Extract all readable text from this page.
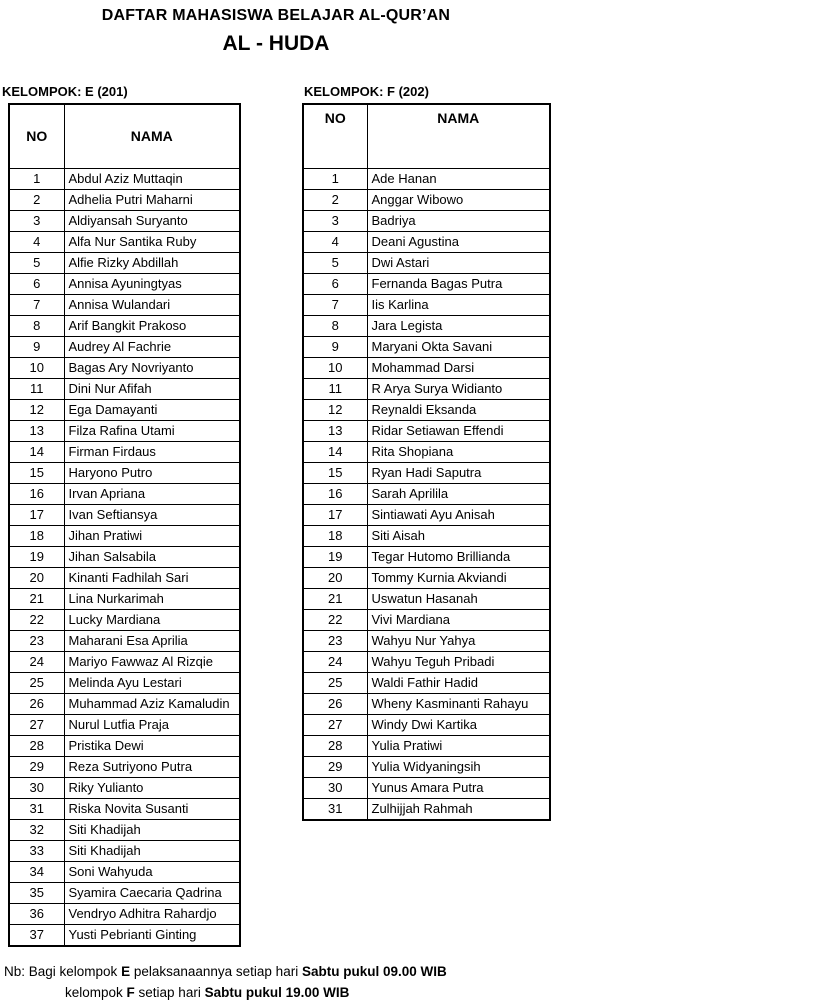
DAFTAR MAHASISWA BELAJAR AL-QUR’AN
AL - HUDA
KELOMPOK: E (201)	KELOMPOK: F (202)
NO	NAMA
1	Abdul Aziz Muttaqin
2	Adhelia Putri Maharni
3	Aldiyansah Suryanto
4	Alfa Nur Santika Ruby
5	Alfie Rizky Abdillah
6	Annisa Ayuningtyas
7	Annisa Wulandari
8	Arif Bangkit Prakoso
9	Audrey Al Fachrie
10	Bagas Ary Novriyanto
11	Dini Nur Afifah
12	Ega Damayanti
13	Filza Rafina Utami
14	Firman Firdaus
15	Haryono Putro
16	Irvan Apriana
17	Ivan Seftiansya
18	Jihan Pratiwi
19	Jihan Salsabila
20	Kinanti Fadhilah Sari
21	Lina Nurkarimah
22	Lucky Mardiana
23	Maharani Esa Aprilia
24	Mariyo Fawwaz Al Rizqie
25	Melinda Ayu Lestari
26	Muhammad Aziz Kamaludin
27	Nurul Lutfia Praja
28	Pristika Dewi
29	Reza Sutriyono Putra
30	Riky Yulianto
31	Riska Novita Susanti
32	Siti Khadijah
33	Siti Khadijah
34	Soni Wahyuda
35	Syamira Caecaria Qadrina
36	Vendryo Adhitra Rahardjo
37	Yusti Pebrianti Ginting
NO	NAMA
1	Ade Hanan
2	Anggar Wibowo
3	Badriya
4	Deani Agustina
5	Dwi Astari
6	Fernanda Bagas Putra
7	Iis Karlina
8	Jara Legista
9	Maryani Okta Savani
10	Mohammad Darsi
11	R Arya Surya Widianto
12	Reynaldi Eksanda
13	Ridar Setiawan Effendi
14	Rita Shopiana
15	Ryan Hadi Saputra
16	Sarah Aprilila
17	Sintiawati Ayu Anisah
18	Siti Aisah
19	Tegar Hutomo Brillianda
20	Tommy Kurnia Akviandi
21	Uswatun Hasanah
22	Vivi Mardiana
23	Wahyu Nur Yahya
24	Wahyu Teguh Pribadi
25	Waldi Fathir Hadid
26	Wheny Kasminanti Rahayu
27	Windy Dwi Kartika
28	Yulia Pratiwi
29	Yulia Widyaningsih
30	Yunus Amara Putra
31	Zulhijjah Rahmah
Nb: Bagi kelompok E pelaksanaannya setiap hari Sabtu pukul 09.00 WIB
kelompok F setiap hari Sabtu pukul 19.00 WIB
